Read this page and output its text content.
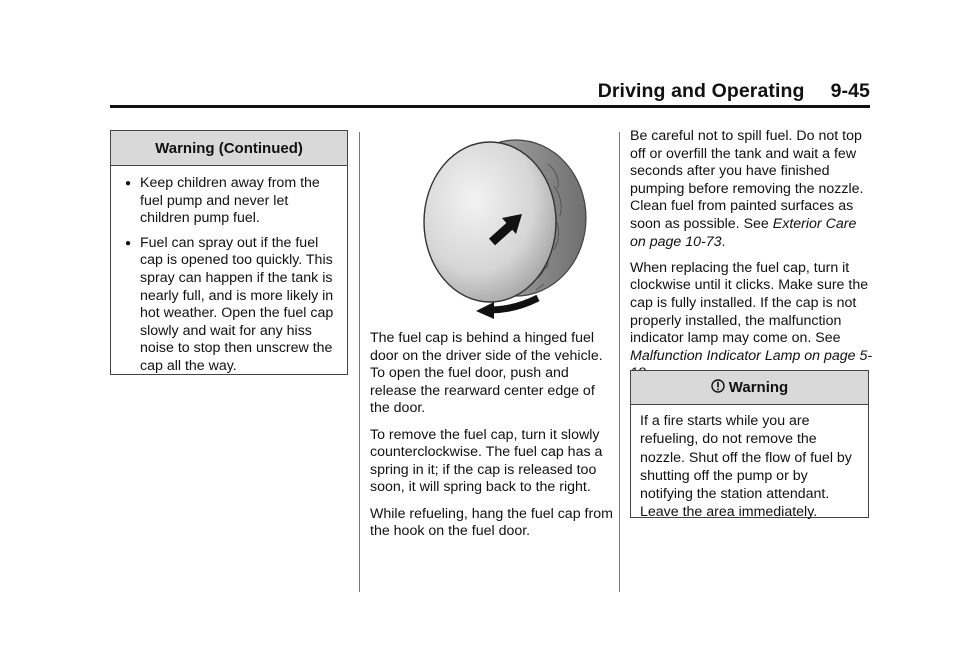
Driving and Operating 9-45
Warning (Continued)
● Keep children away from the fuel pump and never let children pump fuel.
● Fuel can spray out if the fuel cap is opened too quickly. This spray can happen if the tank is nearly full, and is more likely in hot weather. Open the fuel cap slowly and wait for any hiss noise to stop then unscrew the cap all the way.

The fuel cap is behind a hinged fuel door on the driver side of the vehicle. To open the fuel door, push and release the rearward center edge of the door.

To remove the fuel cap, turn it slowly counterclockwise. The fuel cap has a spring in it; if the cap is released too soon, it will spring back to the right.

While refueling, hang the fuel cap from the hook on the fuel door.

Be careful not to spill fuel. Do not top off or overfill the tank and wait a few seconds after you have finished pumping before removing the nozzle. Clean fuel from painted surfaces as soon as possible. See Exterior Care on page 10-73.

When replacing the fuel cap, turn it clockwise until it clicks. Make sure the cap is fully installed. If the cap is not properly installed, the malfunction indicator lamp may come on. See Malfunction Indicator Lamp on page 5-

Warning
If a fire starts while you are refueling, do not remove the nozzle. Shut off the flow of fuel by shutting off the pump or by notifying the station attendant. Leave the area immediately.
